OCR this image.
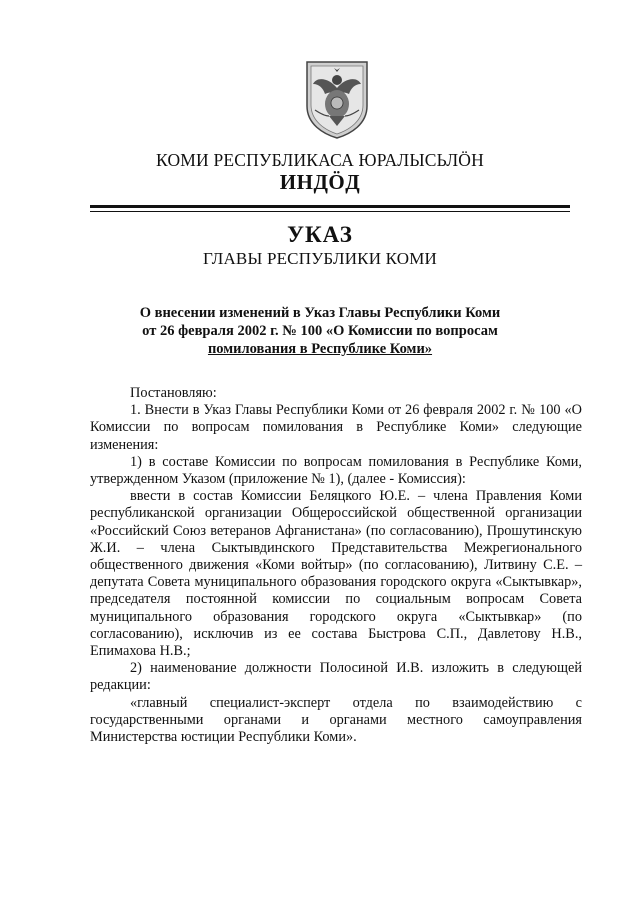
КОМИ РЕСПУБЛИКАСА ЮРАЛЫСЬЛÖН
ИНДÖД
УКАЗ
ГЛАВЫ РЕСПУБЛИКИ КОМИ
О внесении изменений в Указ Главы Республики Коми
от 26 февраля 2002 г. № 100 «О Комиссии по вопросам
помилования в Республике Коми»

Постановляю:

1. Внести в Указ Главы Республики Коми от 26 февраля 2002 г. № 100 «О Комиссии по вопросам помилования в Республике Коми» следующие изменения:

1) в составе Комиссии по вопросам помилования в Республике Коми, утвержденном Указом (приложение № 1), (далее - Комиссия):

ввести в состав Комиссии Беляцкого Ю.Е. – члена Правления Коми республиканской организации Общероссийской общественной организации «Российский Союз ветеранов Афганистана» (по согласованию), Прошутинскую Ж.И. – члена Сыктывдинского Представительства Межрегионального общественного движения «Коми войтыр» (по согласованию), Литвину С.Е. – депутата Совета муниципального образования городского округа «Сыктывкар», председателя постоянной комиссии по социальным вопросам Совета муниципального образования городского округа «Сыктывкар» (по согласованию), исключив из ее состава Быстрова С.П., Давлетову Н.В., Епимахова Н.В.;

2) наименование должности Полосиной И.В. изложить в следующей редакции:

«главный специалист-эксперт отдела по взаимодействию с государственными органами и органами местного самоуправления Министерства юстиции Республики Коми».
